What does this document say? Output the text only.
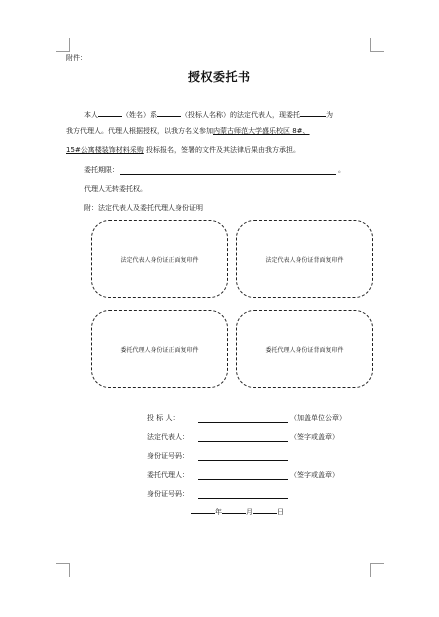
附件：
授权委托书
本人	（姓名）系	（投标人名称）的法定代表人，现委托	为
我方代理人。代理人根据授权，以我方名义参加内蒙古师范大学盛乐校区 8#、
15#公寓楼装饰材料采购 投标报名，签署的文件及其法律后果由我方承担。
委托期限：	。
代理人无转委托权。
附：法定代表人及委托代理人身份证明
法定代表人身份证正面复印件	法定代表人身份证背面复印件
委托代理人身份证正面复印件	委托代理人身份证背面复印件
投 标 人：	（加盖单位公章）
法定代表人：	（签字或盖章）
身份证号码：
委托代理人：	（签字或盖章）
身份证号码：
年	月	日
